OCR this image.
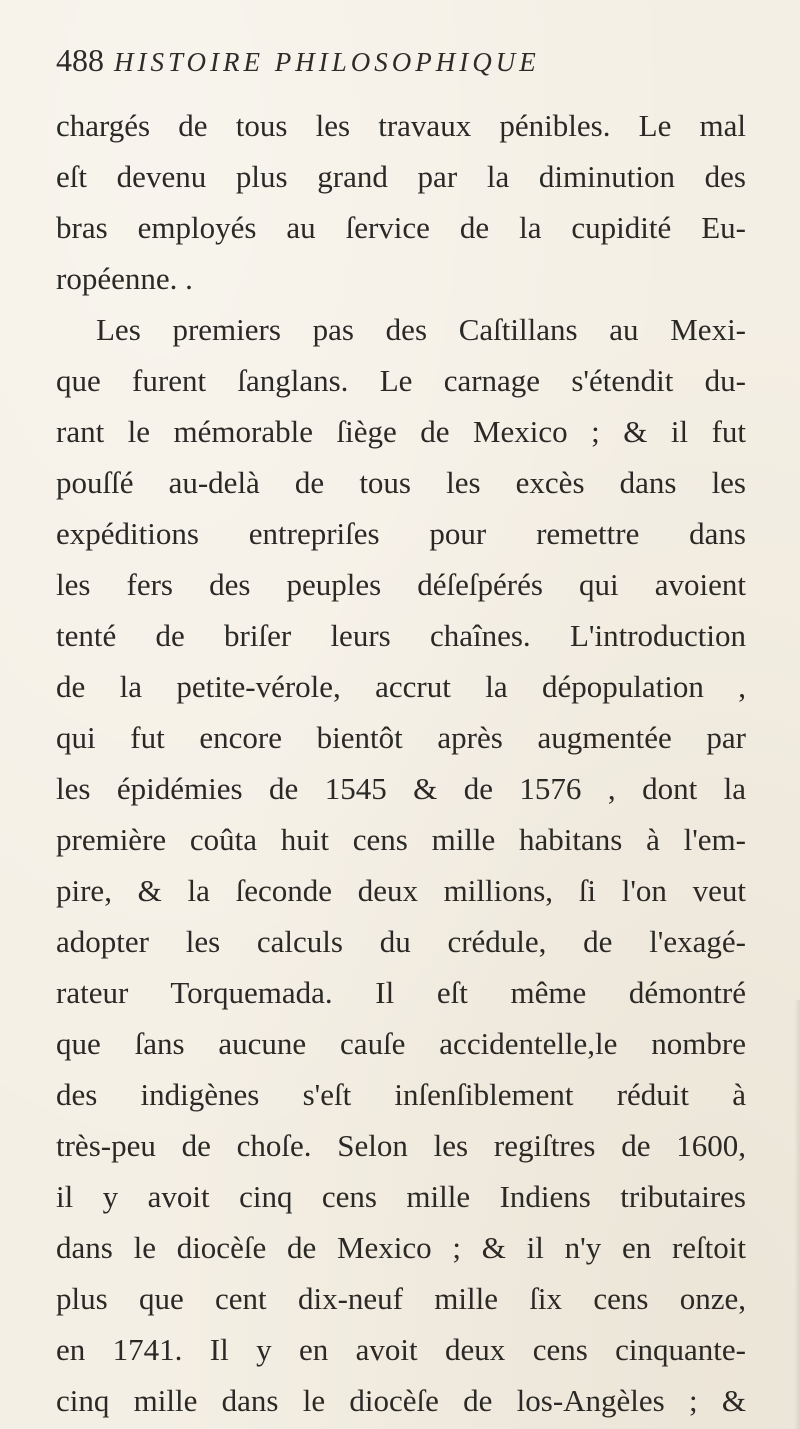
488 HISTOIRE PHILOSOPHIQUE
chargés de tous les travaux pénibles. Le mal
eſt devenu plus grand par la diminution des
bras employés au ſervice de la cupidité Eu-
ropéenne. .
Les premiers pas des Caſtillans au Mexi-
que furent ſanglans. Le carnage s'étendit du-
rant le mémorable ſiège de Mexico ; & il fut
pouſſé au-delà de tous les excès dans les
expéditions entrepriſes pour remettre dans
les fers des peuples déſeſpérés qui avoient
tenté de briſer leurs chaînes. L'introduction
de la petite-vérole, accrut la dépopulation ,
qui fut encore bientôt après augmentée par
les épidémies de 1545 & de 1576 , dont la
première coûta huit cens mille habitans à l'em-
pire, & la ſeconde deux millions, ſi l'on veut
adopter les calculs du crédule, de l'exagé-
rateur Torquemada. Il eſt même démontré
que ſans aucune cauſe accidentelle,le nombre
des indigènes s'eſt inſenſiblement réduit à
très-peu de choſe. Selon les regiſtres de 1600,
il y avoit cinq cens mille Indiens tributaires
dans le diocèſe de Mexico ; & il n'y en reſtoit
plus que cent dix-neuf mille ſix cens onze,
en 1741. Il y en avoit deux cens cinquante-
cinq mille dans le diocèſe de los-Angèles ; &
